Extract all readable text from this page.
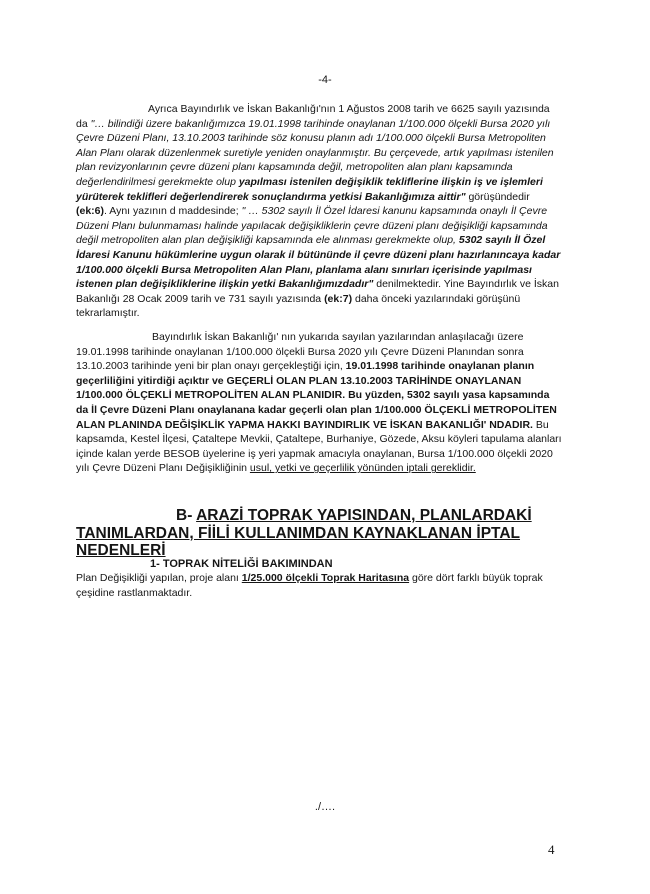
-4-

Ayrıca Bayındırlık ve İskan Bakanlığı'nın 1 Ağustos 2008 tarih ve 6625 sayılı yazısında da "… bilindiği üzere bakanlığımızca 19.01.1998 tarihinde onaylanan 1/100.000 ölçekli Bursa 2020 yılı Çevre Düzeni Planı, 13.10.2003 tarihinde söz konusu planın adı 1/100.000 ölçekli Bursa Metropoliten Alan Planı olarak düzenlenmek suretiyle yeniden onaylanmıştır. Bu çerçevede, artık yapılması istenilen plan revizyonlarının çevre düzeni planı kapsamında değil, metropoliten alan planı kapsamında değerlendirilmesi gerekmekte olup yapılması istenilen değişiklik tekliflerine ilişkin iş ve işlemleri yürüterek teklifleri değerlendirerek sonuçlandırma yetkisi Bakanlığımıza aittir" görüşündedir (ek:6). Aynı yazının d maddesinde; " … 5302 sayılı İl Özel İdaresi kanunu kapsamında onaylı İl Çevre Düzeni Planı bulunmaması halinde yapılacak değişikliklerin çevre düzeni planı değişikliği kapsamında değil metropoliten alan plan değişikliği kapsamında ele alınması gerekmekte olup, 5302 sayılı İl Özel İdaresi Kanunu hükümlerine uygun olarak il bütününde il çevre düzeni planı hazırlanıncaya kadar 1/100.000 ölçekli Bursa Metropoliten Alan Planı, planlama alanı sınırları içerisinde yapılması istenen plan değişikliklerine ilişkin yetki Bakanlığımızdadır" denilmektedir. Yine Bayındırlık ve İskan Bakanlığı 28 Ocak 2009 tarih ve 731 sayılı yazısında (ek:7) daha önceki yazılarındaki görüşünü tekrarlamıştır.

Bayındırlık İskan Bakanlığı' nın yukarıda sayılan yazılarından anlaşılacağı üzere 19.01.1998 tarihinde onaylanan 1/100.000 ölçekli Bursa 2020 yılı Çevre Düzeni Planından sonra 13.10.2003 tarihinde yeni bir plan onayı gerçekleştiği için, 19.01.1998 tarihinde onaylanan planın geçerliliğini yitirdiği açıktır ve GEÇERLİ OLAN PLAN 13.10.2003 TARİHİNDE ONAYLANAN 1/100.000 ÖLÇEKLİ METROPOLİTEN ALAN PLANIDIR. Bu yüzden, 5302 sayılı yasa kapsamında da İl Çevre Düzeni Planı onaylanana kadar geçerli olan plan 1/100.000 ÖLÇEKLİ METROPOLİTEN ALAN PLANINDA DEĞİŞİKLİK YAPMA HAKKI BAYINDIRLIK VE İSKAN BAKANLIĞI' NDADIR. Bu kapsamda, Kestel İlçesi, Çataltepe Mevkii, Çataltepe, Burhaniye, Gözede, Aksu köyleri tapulama alanları içinde kalan yerde BESOB üyelerine iş yeri yapmak amacıyla onaylanan, Bursa 1/100.000 ölçekli 2020 yılı Çevre Düzeni Planı Değişikliğinin usul, yetki ve geçerlilik yönünden iptali gereklidir.

B- ARAZİ TOPRAK YAPISINDAN, PLANLARDAKİ TANIMLARDAN, FİİLİ KULLANIMDAN KAYNAKLANAN İPTAL NEDENLERİ
1- TOPRAK NİTELİĞİ BAKIMINDAN

Plan Değişikliği yapılan, proje alanı 1/25.000 ölçekli Toprak Haritasına göre dört farklı büyük toprak çeşidine rastlanmaktadır.

./….
4
